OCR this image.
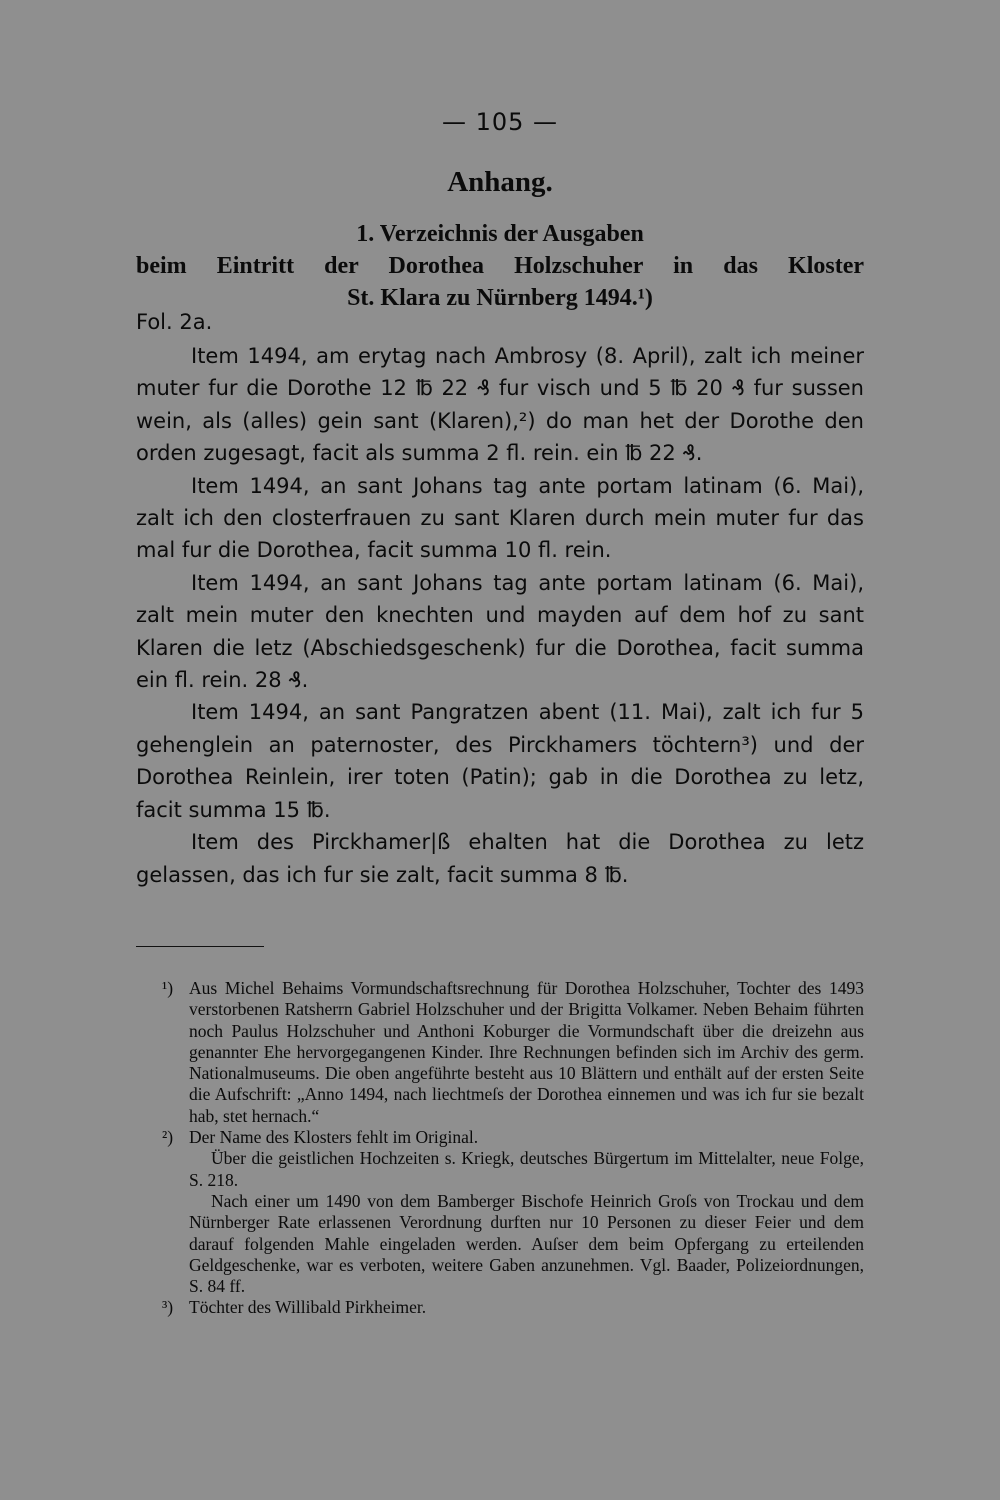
— 105 —
Anhang.
1. Verzeichnis der Ausgaben
beim Eintritt der Dorothea Holzschuher in das Kloster
St. Klara zu Nürnberg 1494.¹)
Fol. 2a.

Item 1494, am erytag nach Ambrosy (8. April), zalt ich meiner muter fur die Dorothe 12 ℔ 22 ₰ fur visch und 5 ℔ 20 ₰ fur sussen wein, als (alles) gein sant (Klaren),²) do man het der Dorothe den orden zugesagt, facit als summa 2 fl. rein. ein ℔ 22 ₰.

Item 1494, an sant Johans tag ante portam latinam (6. Mai), zalt ich den closterfrauen zu sant Klaren durch mein muter fur das mal fur die Dorothea, facit summa 10 fl. rein.

Item 1494, an sant Johans tag ante portam latinam (6. Mai), zalt mein muter den knechten und mayden auf dem hof zu sant Klaren die letz (Abschiedsgeschenk) fur die Dorothea, facit summa ein fl. rein. 28 ₰.

Item 1494, an sant Pangratzen abent (11. Mai), zalt ich fur 5 gehenglein an paternoster, des Pirckhamers töchtern³) und der Dorothea Reinlein, irer toten (Patin); gab in die Dorothea zu letz, facit summa 15 ℔.

Item des Pirckhamer|ß ehalten hat die Dorothea zu letz gelassen, das ich fur sie zalt, facit summa 8 ℔.

¹) Aus Michel Behaims Vormundschaftsrechnung für Dorothea Holzschuher, Tochter des 1493 verstorbenen Ratsherrn Gabriel Holzschuher und der Brigitta Volkamer. Neben Behaim führten noch Paulus Holzschuher und Anthoni Koburger die Vormundschaft über die dreizehn aus genannter Ehe hervorgegangenen Kinder. Ihre Rechnungen befinden sich im Archiv des germ. Nationalmuseums. Die oben angeführte besteht aus 10 Blättern und enthält auf der ersten Seite die Aufschrift: „Anno 1494, nach liechtmeſs der Dorothea einnemen und was ich fur sie bezalt hab, stet hernach.“

²) Der Name des Klosters fehlt im Original.

Über die geistlichen Hochzeiten s. Kriegk, deutsches Bürgertum im Mittelalter, neue Folge, S. 218.

Nach einer um 1490 von dem Bamberger Bischofe Heinrich Groſs von Trockau und dem Nürnberger Rate erlassenen Verordnung durften nur 10 Personen zu dieser Feier und dem darauf folgenden Mahle eingeladen werden. Auſser dem beim Opfergang zu erteilenden Geldgeschenke, war es verboten, weitere Gaben anzunehmen. Vgl. Baader, Polizeiordnungen, S. 84 ff.

³) Töchter des Willibald Pirkheimer.
